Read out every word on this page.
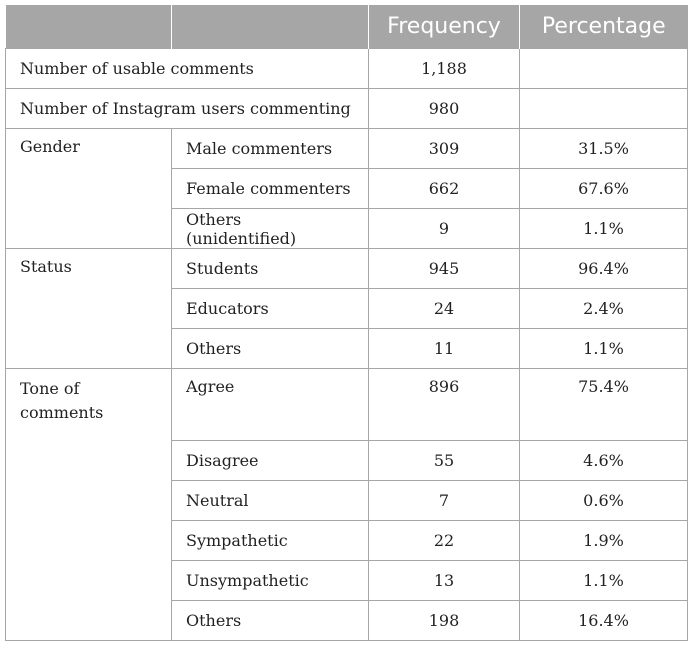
		Frequency	Percentage
Number of usable comments		1,188	
Number of Instagram users commenting		980	
Gender	Male commenters	309	31.5%
	Female commenters	662	67.6%
	Others (unidentified)	9	1.1%
Status	Students	945	96.4%
	Educators	24	2.4%
	Others	11	1.1%
Tone of
comments	Agree	896	75.4%
	Disagree	55	4.6%
	Neutral	7	0.6%
	Sympathetic	22	1.9%
	Unsympathetic	13	1.1%
	Others	198	16.4%
